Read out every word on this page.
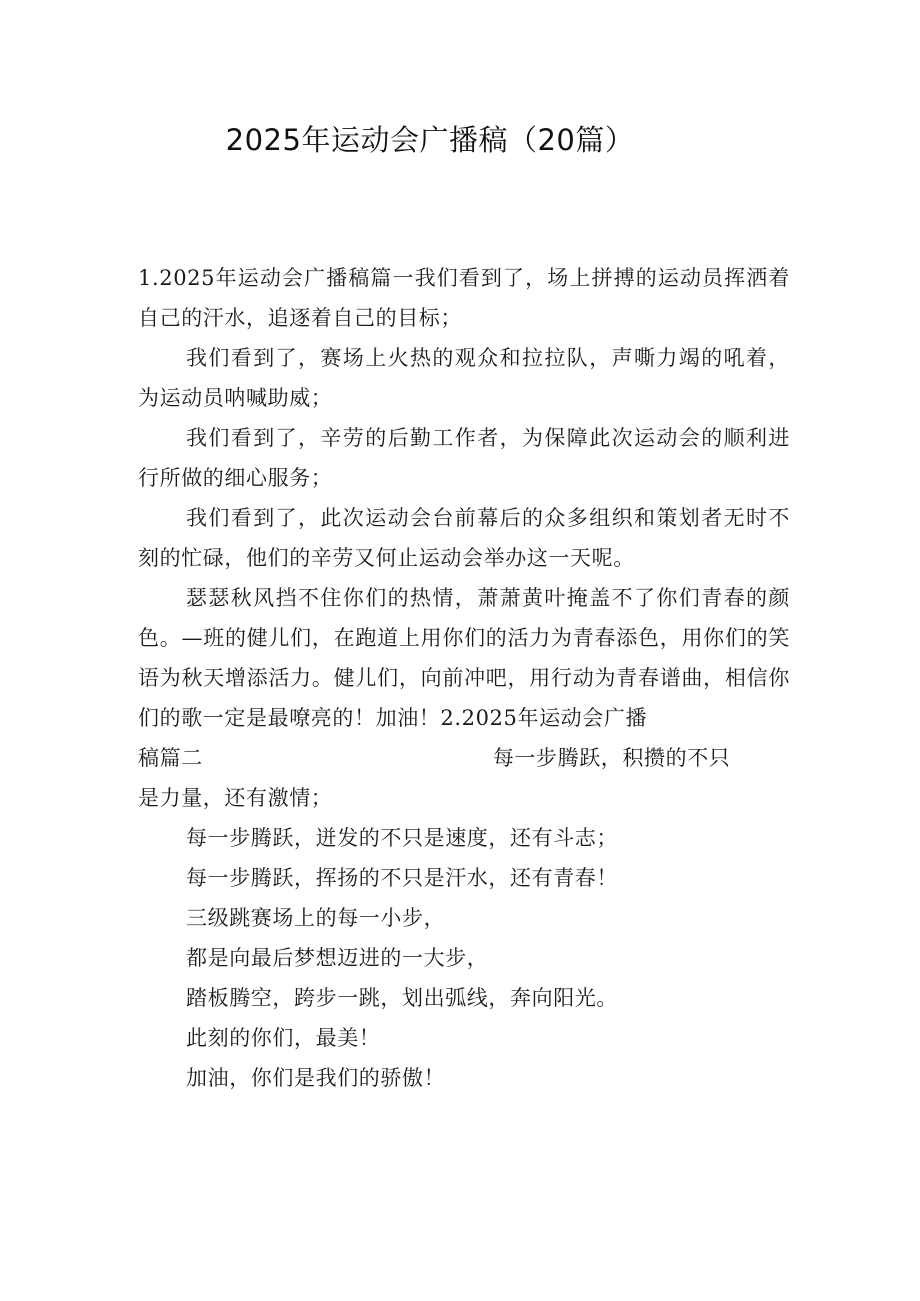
2025年运动会广播稿（20篇）

1.2025年运动会广播稿篇一我们看到了，场上拼搏的运动员挥洒着自己的汗水，追逐着自己的目标；

我们看到了，赛场上火热的观众和拉拉队，声嘶力竭的吼着，为运动员呐喊助威；

我们看到了，辛劳的后勤工作者，为保障此次运动会的顺利进行所做的细心服务；

我们看到了，此次运动会台前幕后的众多组织和策划者无时不刻的忙碌，他们的辛劳又何止运动会举办这一天呢。

瑟瑟秋风挡不住你们的热情，萧萧黄叶掩盖不了你们青春的颜色。—班的健儿们，在跑道上用你们的活力为青春添色，用你们的笑语为秋天增添活力。健儿们，向前冲吧，用行动为青春谱曲，相信你们的歌一定是最嘹亮的！加油！2.2025年运动会广播

稿篇二	每一步腾跃，积攒的不只
是力量，还有激情；
每一步腾跃，迸发的不只是速度，还有斗志；
每一步腾跃，挥扬的不只是汗水，还有青春！
三级跳赛场上的每一小步，
都是向最后梦想迈进的一大步，
踏板腾空，跨步一跳，划出弧线，奔向阳光。
此刻的你们，最美！
加油，你们是我们的骄傲！
